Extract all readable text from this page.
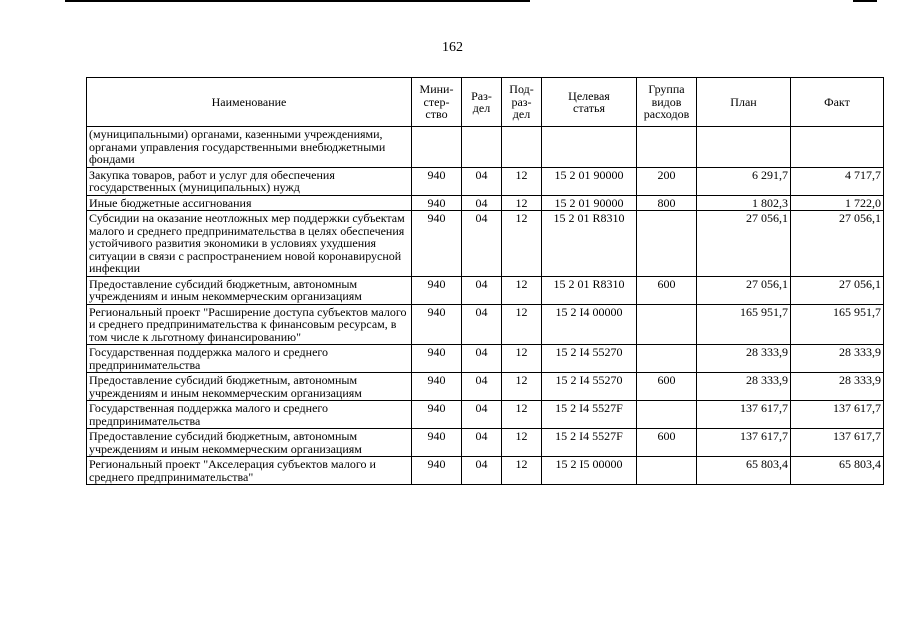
162
Наименование	Мини-
стер-
ство	Раз-
дел	Под-
раз-
дел	Целевая
статья	Группа
видов
расходов	План	Факт
(муниципальными) органами, казенными учреждениями, органами управления государственными внебюджетными фондами							
Закупка товаров, работ и услуг для обеспечения государственных (муниципальных) нужд	940	04	12	15 2 01 90000	200	6 291,7	4 717,7
Иные бюджетные ассигнования	940	04	12	15 2 01 90000	800	1 802,3	1 722,0
Субсидии на оказание неотложных мер поддержки субъектам малого и среднего предпринимательства в целях обеспечения устойчивого развития экономики в условиях ухудшения ситуации в связи с распространением новой коронавирусной инфекции	940	04	12	15 2 01 R8310		27 056,1	27 056,1
Предоставление субсидий бюджетным, автономным учреждениям и иным некоммерческим организациям	940	04	12	15 2 01 R8310	600	27 056,1	27 056,1
Региональный проект "Расширение доступа субъектов малого и среднего предпринимательства к финансовым ресурсам, в том числе к льготному финансированию"	940	04	12	15 2 I4 00000		165 951,7	165 951,7
Государственная поддержка малого и среднего предпринимательства	940	04	12	15 2 I4 55270		28 333,9	28 333,9
Предоставление субсидий бюджетным, автономным учреждениям и иным некоммерческим организациям	940	04	12	15 2 I4 55270	600	28 333,9	28 333,9
Государственная поддержка малого и среднего предпринимательства	940	04	12	15 2 I4 5527F		137 617,7	137 617,7
Предоставление субсидий бюджетным, автономным учреждениям и иным некоммерческим организациям	940	04	12	15 2 I4 5527F	600	137 617,7	137 617,7
Региональный проект "Акселерация субъектов малого и среднего предпринимательства"	940	04	12	15 2 I5 00000		65 803,4	65 803,4
